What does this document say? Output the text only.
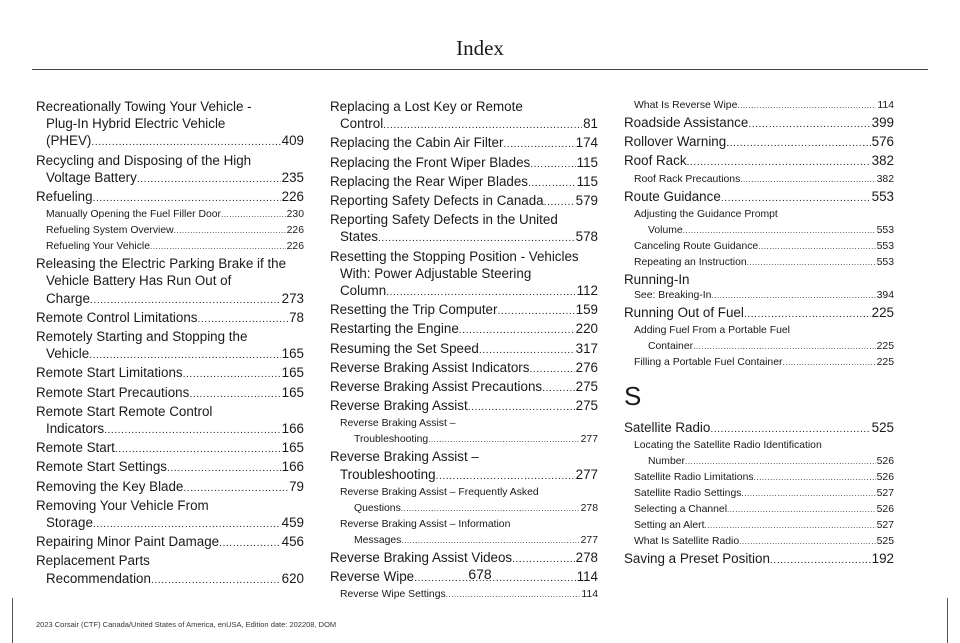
Index
Recreationally Towing Your Vehicle -
Plug-In Hybrid Electric Vehicle
(PHEV) .....	409
Recycling and Disposing of the High
Voltage Battery .....	235
Refueling .....	226
Manually Opening the Fuel Filler Door .....	230
Refueling System Overview .....	226
Refueling Your Vehicle .....	226
Releasing the Electric Parking Brake if the
Vehicle Battery Has Run Out of
Charge .....	273
Remote Control Limitations .....	78
Remotely Starting and Stopping the
Vehicle .....	165
Remote Start Limitations .....	165
Remote Start Precautions .....	165
Remote Start Remote Control
Indicators .....	166
Remote Start .....	165
Remote Start Settings .....	166
Removing the Key Blade .....	79
Removing Your Vehicle From
Storage .....	459
Repairing Minor Paint Damage .....	456
Replacement Parts
Recommendation .....	620
Replacing a Lost Key or Remote
Control .....	81
Replacing the Cabin Air Filter .....	174
Replacing the Front Wiper Blades .....	115
Replacing the Rear Wiper Blades .....	115
Reporting Safety Defects in Canada ..... 579
Reporting Safety Defects in the United
States .....	578
Resetting the Stopping Position - Vehicles
With: Power Adjustable Steering
Column .....	112
Resetting the Trip Computer .....	159
Restarting the Engine .....	220
Resuming the Set Speed .....	317
Reverse Braking Assist Indicators .....	276
Reverse Braking Assist Precautions .....	275
Reverse Braking Assist .....	275
Reverse Braking Assist –
Troubleshooting .....	277
Reverse Braking Assist –
Troubleshooting .....	277
Reverse Braking Assist – Frequently Asked
Questions .....	278
Reverse Braking Assist – Information
Messages .....	277
Reverse Braking Assist Videos .....	278
Reverse Wipe .....	114
Reverse Wipe Settings .....	114
What Is Reverse Wipe .....	114
Roadside Assistance .....	399
Rollover Warning .....	576
Roof Rack .....	382
Roof Rack Precautions .....	382
Route Guidance .....	553
Adjusting the Guidance Prompt
Volume .....	553
Canceling Route Guidance .....	553
Repeating an Instruction .....	553
Running-In
See: Breaking-In .....	394
Running Out of Fuel .....	225
Adding Fuel From a Portable Fuel
Container .....	225
Filling a Portable Fuel Container .....	225
S
Satellite Radio .....	525
Locating the Satellite Radio Identification
Number .....	526
Satellite Radio Limitations .....	526
Satellite Radio Settings .....	527
Selecting a Channel .....	526
Setting an Alert .....	527
What Is Satellite Radio .....	525
Saving a Preset Position .....	192
678
2023 Corsair (CTF) Canada/United States of America, enUSA, Edition date: 202208, DOM
